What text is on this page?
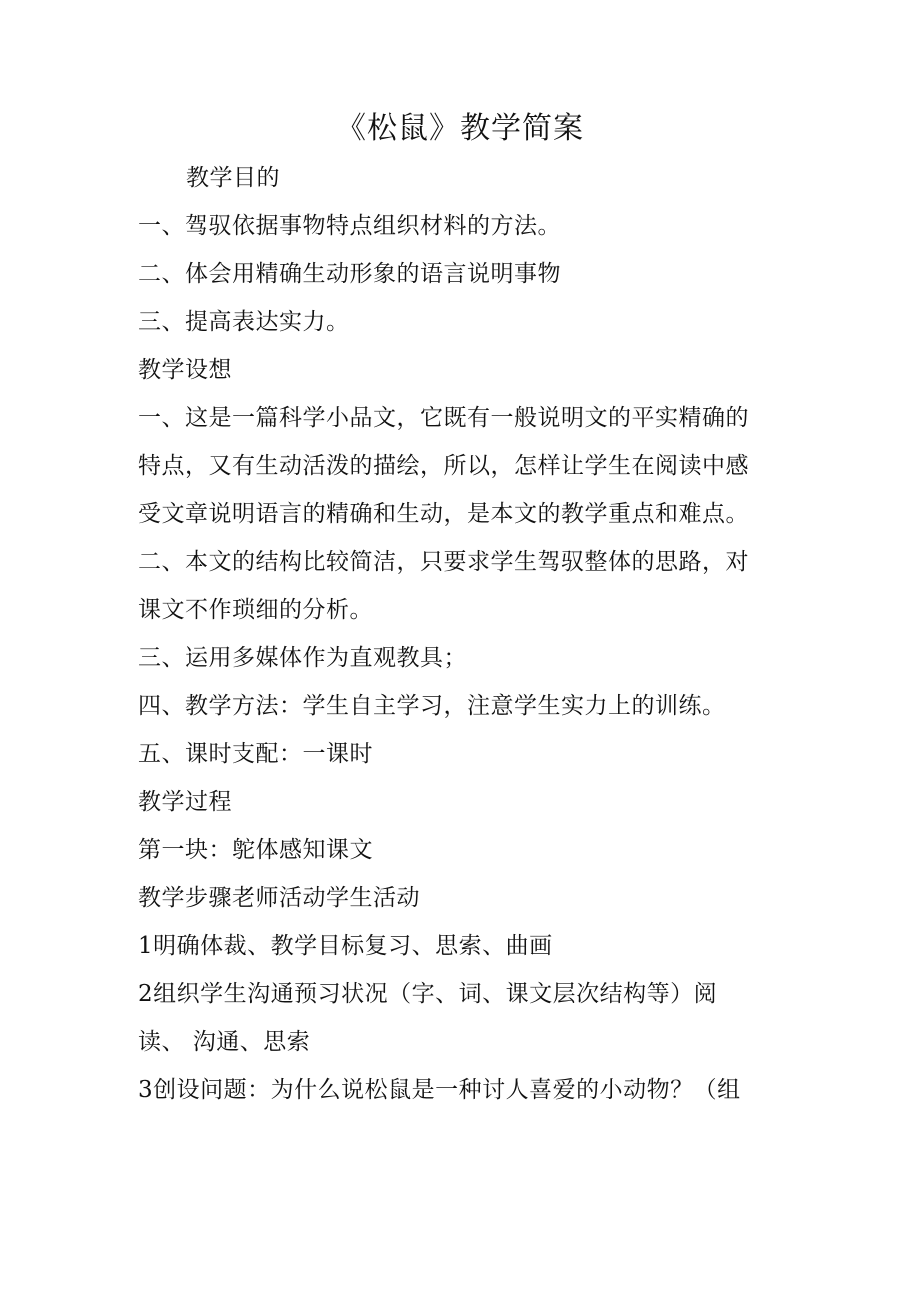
《松鼠》教学简案
教学目的
一、驾驭依据事物特点组织材料的方法。
二、体会用精确生动形象的语言说明事物
三、提高表达实力。
教学设想
一、这是一篇科学小品文，它既有一般说明文的平实精确的
特点，又有生动活泼的描绘，所以，怎样让学生在阅读中感
受文章说明语言的精确和生动，是本文的教学重点和难点。
二、本文的结构比较简洁，只要求学生驾驭整体的思路，对
课文不作琐细的分析。
三、运用多媒体作为直观教具；
四、教学方法：学生自主学习，注意学生实力上的训练。
五、课时支配：一课时
教学过程
第一块：鸵体感知课文
教学步骤老师活动学生活动
1明确体裁、教学目标复习、思索、曲画
2组织学生沟通预习状况（字、词、课文层次结构等）阅
读、 沟通、思索
3创设问题：为什么说松鼠是一种讨人喜爱的小动物？（组
